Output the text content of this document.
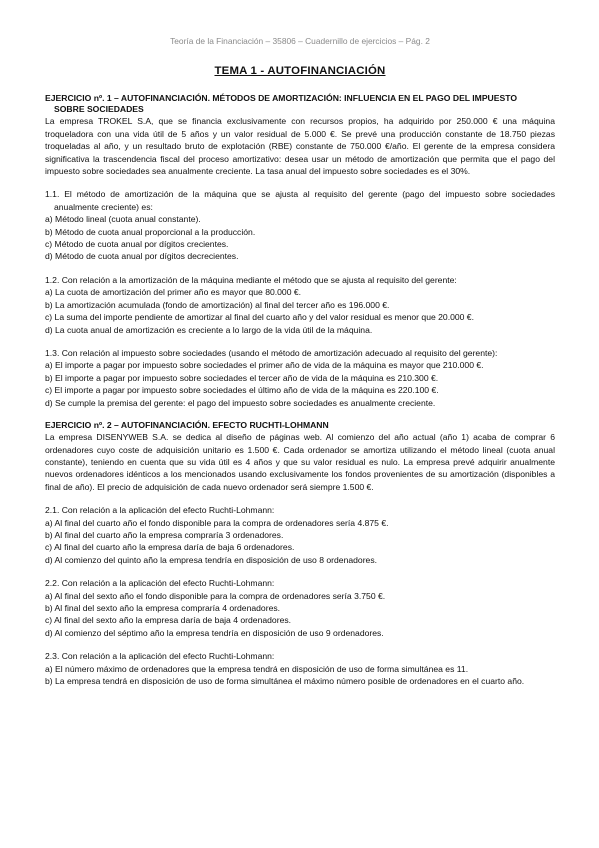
Teoría de la Financiación – 35806 – Cuadernillo de ejercicios – Pág. 2
TEMA 1 - AUTOFINANCIACIÓN
EJERCICIO nº. 1 – AUTOFINANCIACIÓN. MÉTODOS DE AMORTIZACIÓN: INFLUENCIA EN EL PAGO DEL IMPUESTO
SOBRE SOCIEDADES

La empresa TROKEL S.A, que se financia exclusivamente con recursos propios, ha adquirido por 250.000 € una máquina troqueladora con una vida útil de 5 años y un valor residual de 5.000 €. Se prevé una producción constante de 18.750 piezas troqueladas al año, y un resultado bruto de explotación (RBE) constante de 750.000 €/año. El gerente de la empresa considera significativa la trascendencia fiscal del proceso amortizativo: desea usar un método de amortización que permita que el pago del impuesto sobre sociedades sea anualmente creciente. La tasa anual del impuesto sobre sociedades es el 30%.

1.1. El método de amortización de la máquina que se ajusta al requisito del gerente (pago del impuesto sobre sociedades anualmente creciente) es:

a) Método lineal (cuota anual constante).
b) Método de cuota anual proporcional a la producción.
c) Método de cuota anual por dígitos crecientes.
d) Método de cuota anual por dígitos decrecientes.

1.2. Con relación a la amortización de la máquina mediante el método que se ajusta al requisito del gerente:

a) La cuota de amortización del primer año es mayor que 80.000 €.
b) La amortización acumulada (fondo de amortización) al final del tercer año es 196.000 €.
c) La suma del importe pendiente de amortizar al final del cuarto año y del valor residual es menor que 20.000 €.
d) La cuota anual de amortización es creciente a lo largo de la vida útil de la máquina.

1.3. Con relación al impuesto sobre sociedades (usando el método de amortización adecuado al requisito del gerente):

a) El importe a pagar por impuesto sobre sociedades el primer año de vida de la máquina es mayor que 210.000 €.
b) El importe a pagar por impuesto sobre sociedades el tercer año de vida de la máquina es 210.300 €.
c) El importe a pagar por impuesto sobre sociedades el último año de vida de la máquina es 220.100 €.
d) Se cumple la premisa del gerente: el pago del impuesto sobre sociedades es anualmente creciente.
EJERCICIO nº. 2 – AUTOFINANCIACIÓN. EFECTO RUCHTI-LOHMANN

La empresa DISENYWEB S.A. se dedica al diseño de páginas web. Al comienzo del año actual (año 1) acaba de comprar 6 ordenadores cuyo coste de adquisición unitario es 1.500 €. Cada ordenador se amortiza utilizando el método lineal (cuota anual constante), teniendo en cuenta que su vida útil es 4 años y que su valor residual es nulo. La empresa prevé adquirir anualmente nuevos ordenadores idénticos a los mencionados usando exclusivamente los fondos provenientes de su amortización (disponibles a final de año). El precio de adquisición de cada nuevo ordenador será siempre 1.500 €.

2.1. Con relación a la aplicación del efecto Ruchti-Lohmann:

a) Al final del cuarto año el fondo disponible para la compra de ordenadores sería 4.875 €.
b) Al final del cuarto año la empresa compraría 3 ordenadores.
c) Al final del cuarto año la empresa daría de baja 6 ordenadores.
d) Al comienzo del quinto año la empresa tendría en disposición de uso 8 ordenadores.

2.2. Con relación a la aplicación del efecto Ruchti-Lohmann:

a) Al final del sexto año el fondo disponible para la compra de ordenadores sería 3.750 €.
b) Al final del sexto año la empresa compraría 4 ordenadores.
c) Al final del sexto año la empresa daría de baja 4 ordenadores.
d) Al comienzo del séptimo año la empresa tendría en disposición de uso 9 ordenadores.

2.3. Con relación a la aplicación del efecto Ruchti-Lohmann:

a) El número máximo de ordenadores que la empresa tendrá en disposición de uso de forma simultánea es 11.
b) La empresa tendrá en disposición de uso de forma simultánea el máximo número posible de ordenadores en el cuarto año.
